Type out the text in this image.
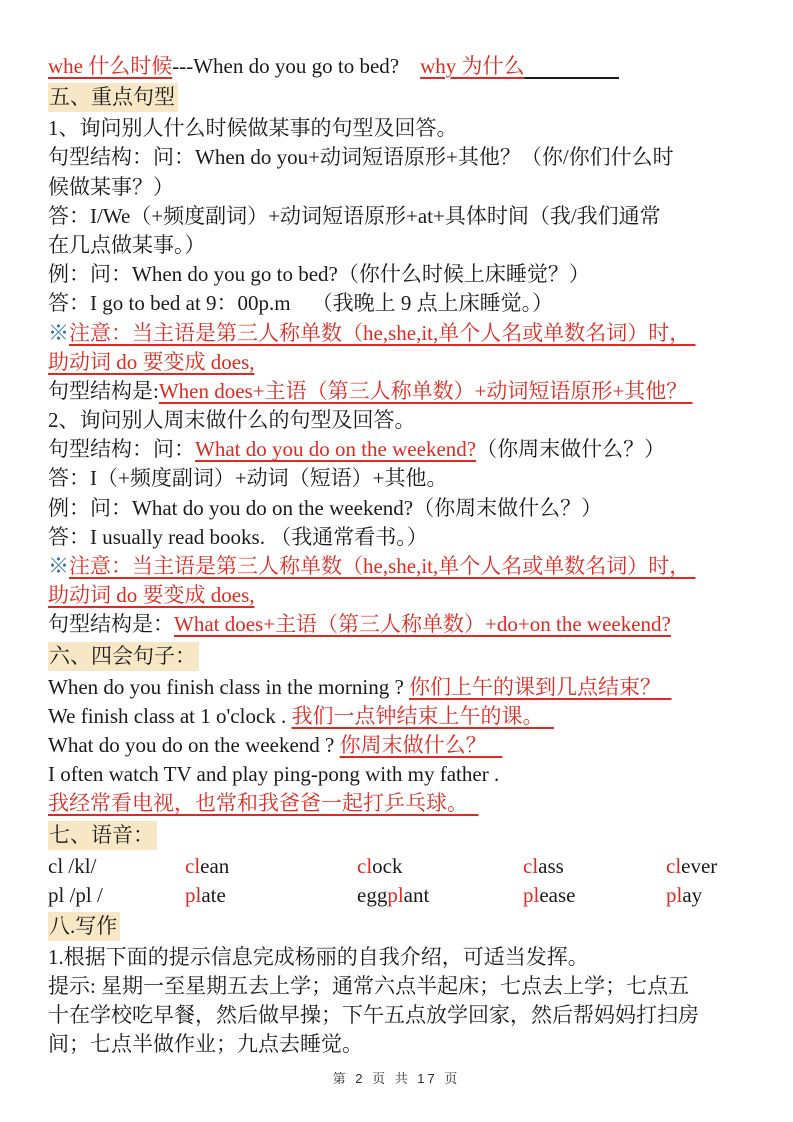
whe 什么时候---When do you go to bed? why 为什么
五、重点句型
1、询问别人什么时候做某事的句型及回答。
句型结构：问：When do you+动词短语原形+其他？（你/你们什么时
候做某事？）
答：I/We（+频度副词）+动词短语原形+at+具体时间（我/我们通常
在几点做某事。）
例：问：When do you go to bed?（你什么时候上床睡觉？）
答：I go to bed at 9：00p.m （我晚上 9 点上床睡觉。）
※注意：当主语是第三人称单数（he,she,it,单个人名或单数名词）时，
助动词 do 要变成 does,
句型结构是:When does+主语（第三人称单数）+动词短语原形+其他？
2、询问别人周末做什么的句型及回答。
句型结构：问：What do you do on the weekend?（你周末做什么？）
答：I（+频度副词）+动词（短语）+其他。
例：问：What do you do on the weekend?（你周末做什么？）
答：I usually read books. （我通常看书。）
※注意：当主语是第三人称单数（he,she,it,单个人名或单数名词）时，
助动词 do 要变成 does,
句型结构是：What does+主语（第三人称单数）+do+on the weekend?
六、四会句子：
When do you finish class in the morning ? 你们上午的课到几点结束？
We finish class at 1 o'clock . 我们一点钟结束上午的课。
What do you do on the weekend ? 你周末做什么？
I often watch TV and play ping-pong with my father .
我经常看电视，也常和我爸爸一起打乒乓球。
七、语音：
cl /kl/	clean	clock	class	clever
pl /pl /	plate	eggplant	please	play
八.写作
1.根据下面的提示信息完成杨丽的自我介绍，可适当发挥。
提示: 星期一至星期五去上学；通常六点半起床；七点去上学；七点五
十在学校吃早餐，然后做早操；下午五点放学回家，然后帮妈妈打扫房
间；七点半做作业；九点去睡觉。
第 2 页 共 17 页
